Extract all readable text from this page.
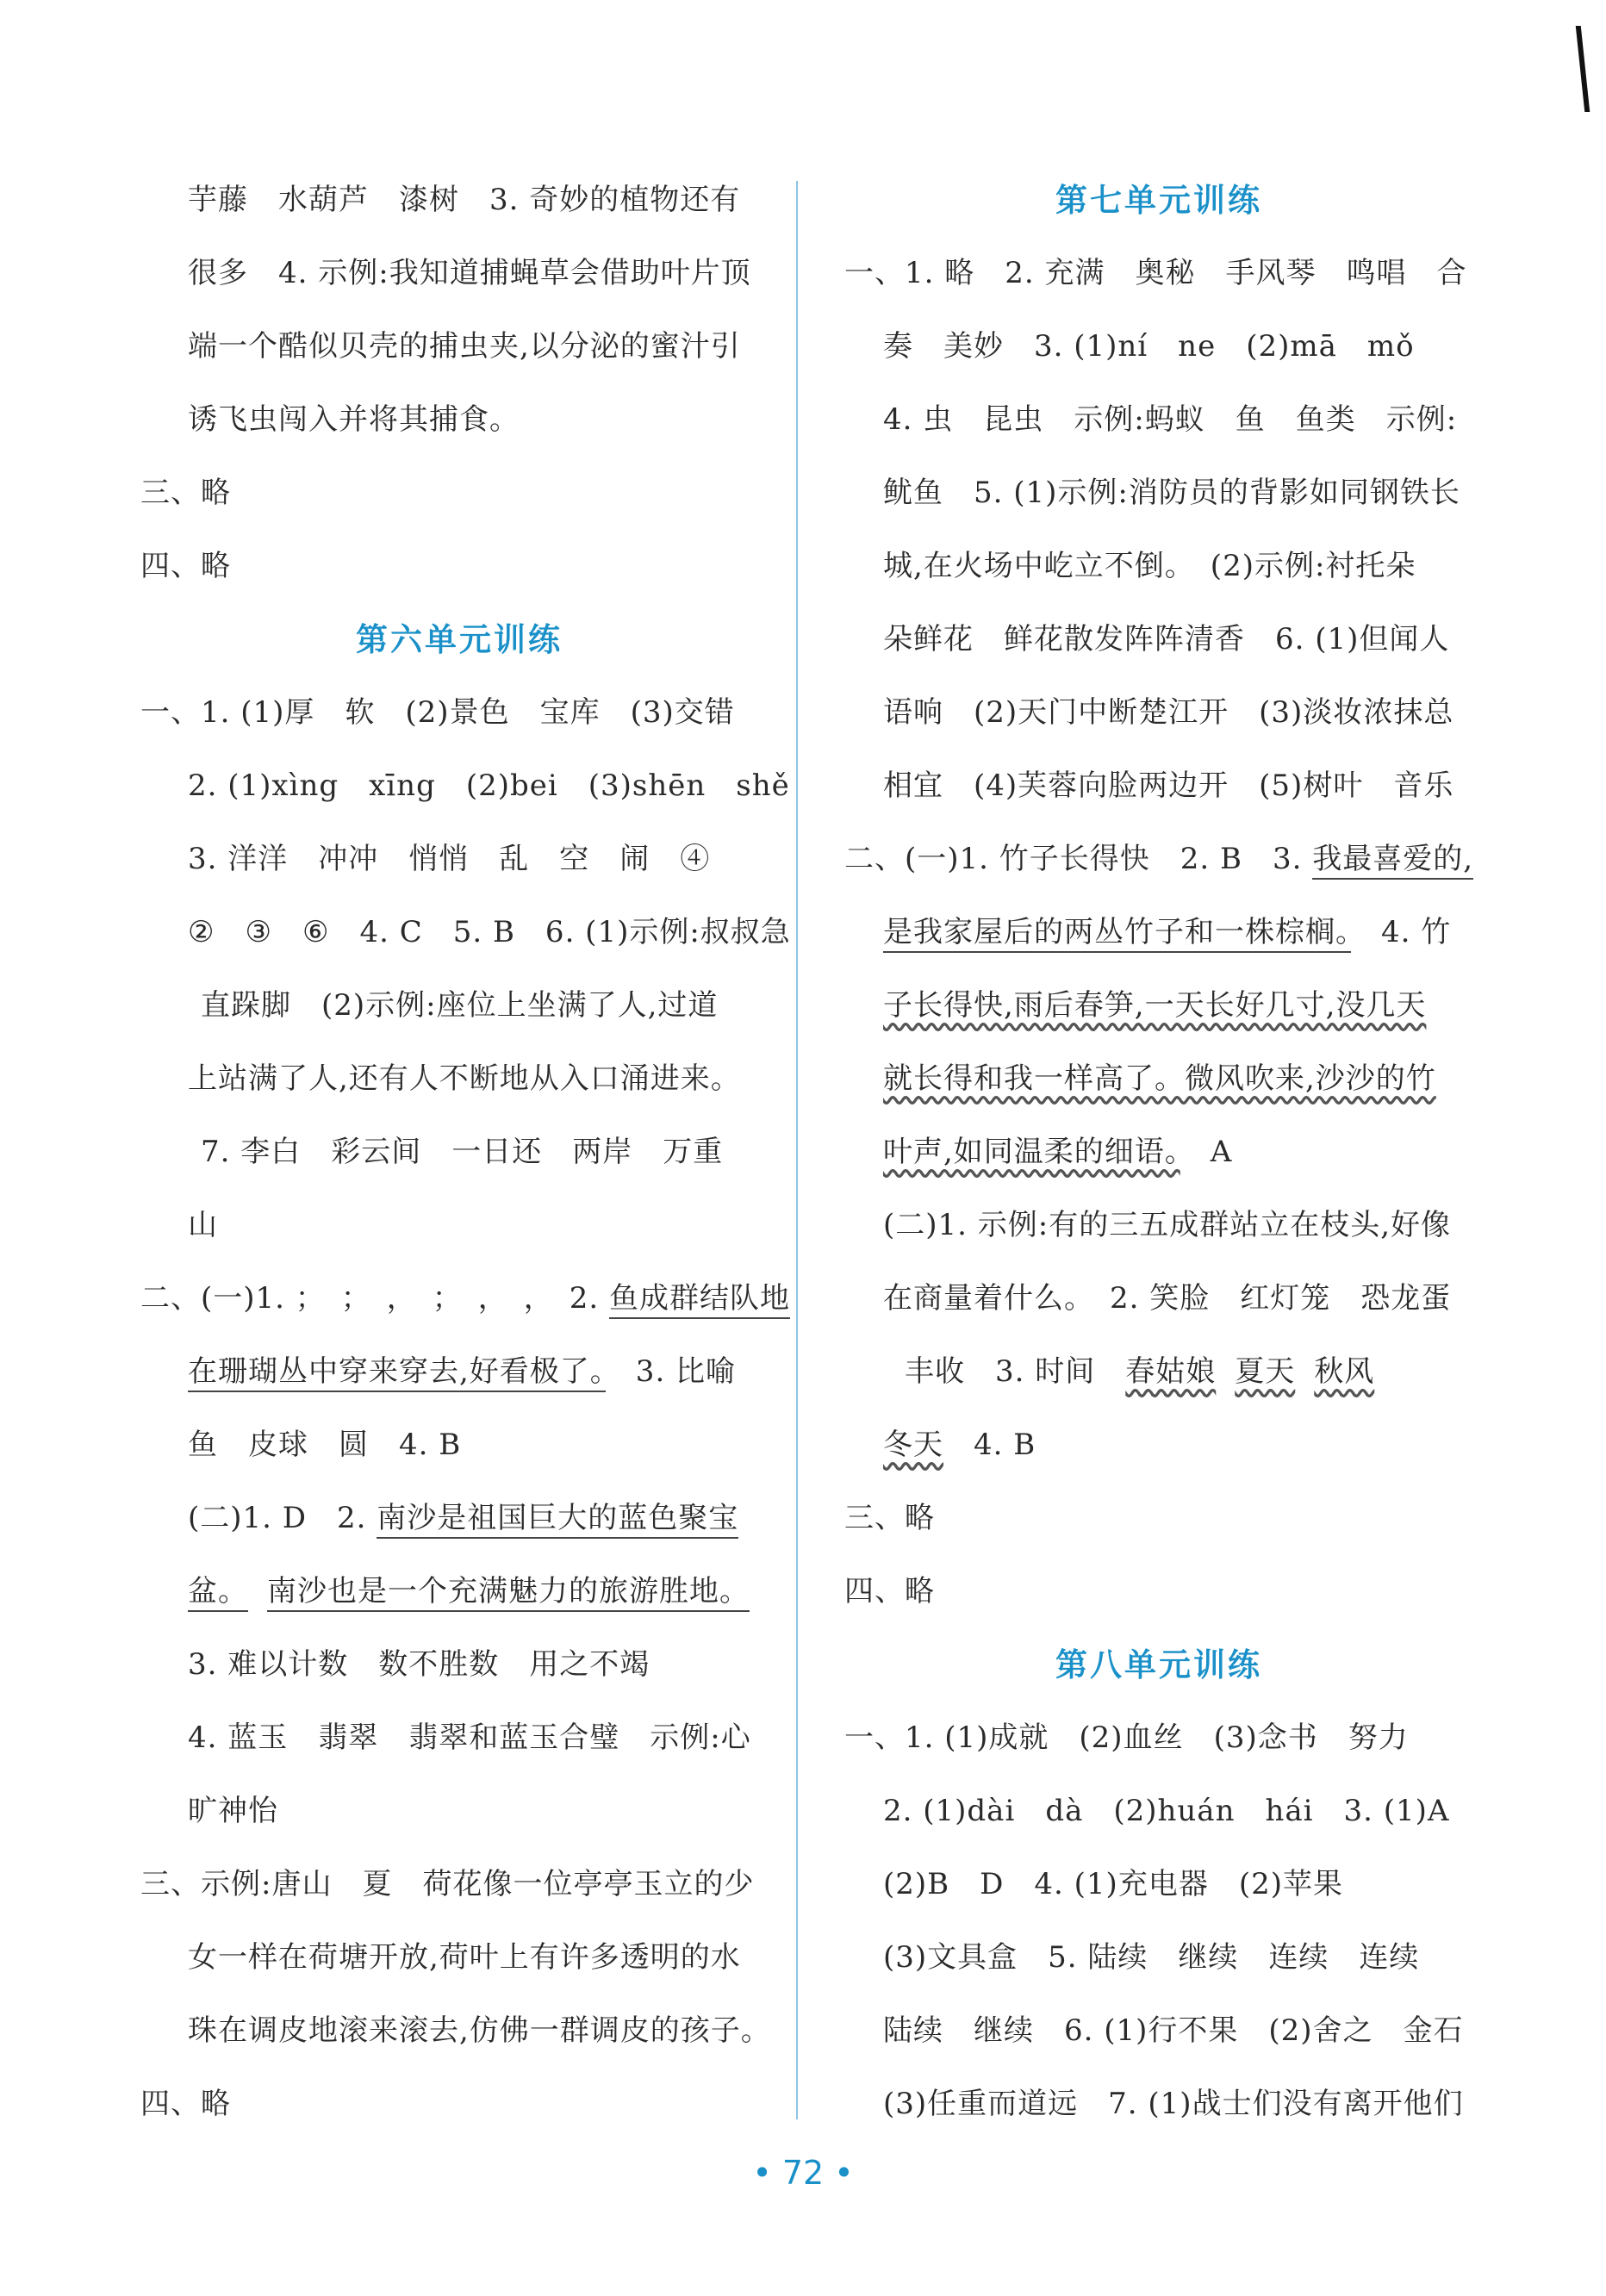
芋藤　水葫芦　漆树　3. 奇妙的植物还有
很多　4. 示例:我知道捕蝇草会借助叶片顶
端一个酷似贝壳的捕虫夹,以分泌的蜜汁引
诱飞虫闯入并将其捕食。
三、略
四、略
第六单元训练
一、1. (1)厚　软　(2)景色　宝库　(3)交错
2. (1)xìng　xīng　(2)bei　(3)shēn　shě
3. 洋洋　冲冲　悄悄　乱　空　闹　④
②　③　⑥　4. C　5. B　6. (1)示例:叔叔急
直跺脚　(2)示例:座位上坐满了人,过道
上站满了人,还有人不断地从入口涌进来。
7. 李白　彩云间　一日还　两岸　万重
山
二、(一)1. ；　；　，　；　，　，　2. 鱼成群结队地
在珊瑚丛中穿来穿去,好看极了。　3. 比喻
鱼　皮球　圆　4. B
(二)1. D　2. 南沙是祖国巨大的蓝色聚宝
盆。 南沙也是一个充满魅力的旅游胜地。
3. 难以计数　数不胜数　用之不竭
4. 蓝玉　翡翠　翡翠和蓝玉合璧　示例:心
旷神怡
三、示例:唐山　夏　荷花像一位亭亭玉立的少
女一样在荷塘开放,荷叶上有许多透明的水
珠在调皮地滚来滚去,仿佛一群调皮的孩子。
四、略
第七单元训练
一、1. 略　2. 充满　奥秘　手风琴　鸣唱　合
奏　美妙　3. (1)ní　ne　(2)mā　mǒ
4. 虫　昆虫　示例:蚂蚁　鱼　鱼类　示例:
鱿鱼　5. (1)示例:消防员的背影如同钢铁长
城,在火场中屹立不倒。　(2)示例:衬托朵
朵鲜花　鲜花散发阵阵清香　6. (1)但闻人
语响　(2)天门中断楚江开　(3)淡妆浓抹总
相宜　(4)芙蓉向脸两边开　(5)树叶　音乐
二、(一)1. 竹子长得快　2. B　3. 我最喜爱的,
是我家屋后的两丛竹子和一株棕榈。　4. 竹
子长得快,雨后春笋,一天长好几寸,没几天
就长得和我一样高了。微风吹来,沙沙的竹
叶声,如同温柔的细语。　A
(二)1. 示例:有的三五成群站立在枝头,好像
在商量着什么。　2. 笑脸　红灯笼　恐龙蛋
丰收　3. 时间　春姑娘 夏天 秋风
冬天　4. B
三、略
四、略
第八单元训练
一、1. (1)成就　(2)血丝　(3)念书　努力
2. (1)dài　dà　(2)huán　hái　3. (1)A
(2)B　D　4. (1)充电器　(2)苹果
(3)文具盒　5. 陆续　继续　连续　连续
陆续　继续　6. (1)行不果　(2)舍之　金石
(3)任重而道远　7. (1)战士们没有离开他们
• 72 •
